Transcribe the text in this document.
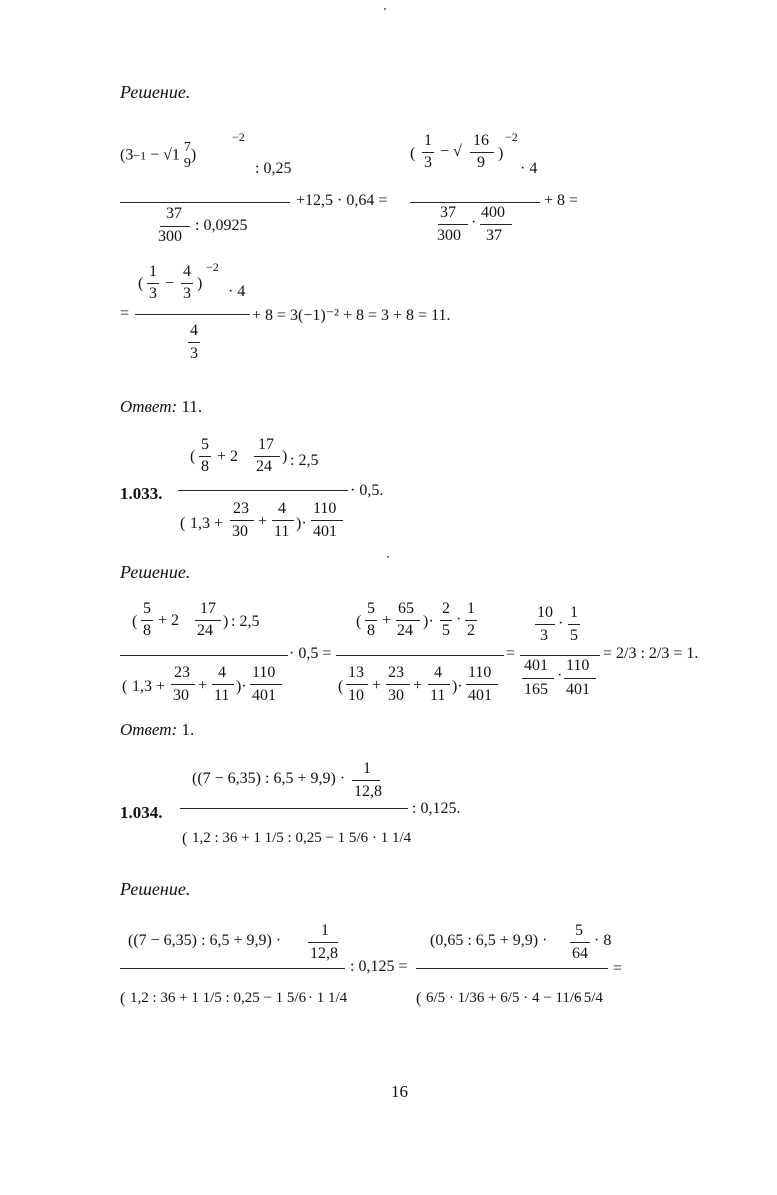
Решение.
(3−1 − √1 7
9)
−2
: 0,25
37
300
: 0,0925
+12,5 · 0,64 =
(
1
3
− √
16
9
)
−2
· 4
37
300
·
400
37
+ 8 =
=
(
1
3
−
4
3
)
−2
· 4
4
3
+ 8 = 3(−1)⁻² + 8 = 3 + 8 = 11.
Ответ: 11.
1.033.
(
5
8
+ 2
17
24
) : 2,5
( 1,3 +
23
30
+
4
11 )·
110
401
· 0,5.
Решение.
(
5
8
+ 2
17
24
) : 2,5
( 1,3 +
23
30
+
4
11
)·
110
401
· 0,5 =
(
5
8
+
65
24
)·
2
5
·
1
2
(
13
10
+
23
30
+
4
11
)·
110
401
=
10
3
·
1
5
401
165
·
110
401
= 2/3 : 2/3 = 1.
Ответ: 1.
1.034.
((7 − 6,35) : 6,5 + 9,9) ·
1
12,8
( 1,2 : 36 + 1 1/5 : 0,25 − 1 5/6 · 1 1/4
: 0,125.
Решение.
((7 − 6,35) : 6,5 + 9,9) ·
1
12,8
( 1,2 : 36 + 1 1/5 : 0,25 − 1 5/6 · 1 1/4
: 0,125 =
(0,65 : 6,5 + 9,9) ·
5
64
· 8
( 6/5 · 1/36 + 6/5 · 4 − 11/6
· 5/4
=
16
